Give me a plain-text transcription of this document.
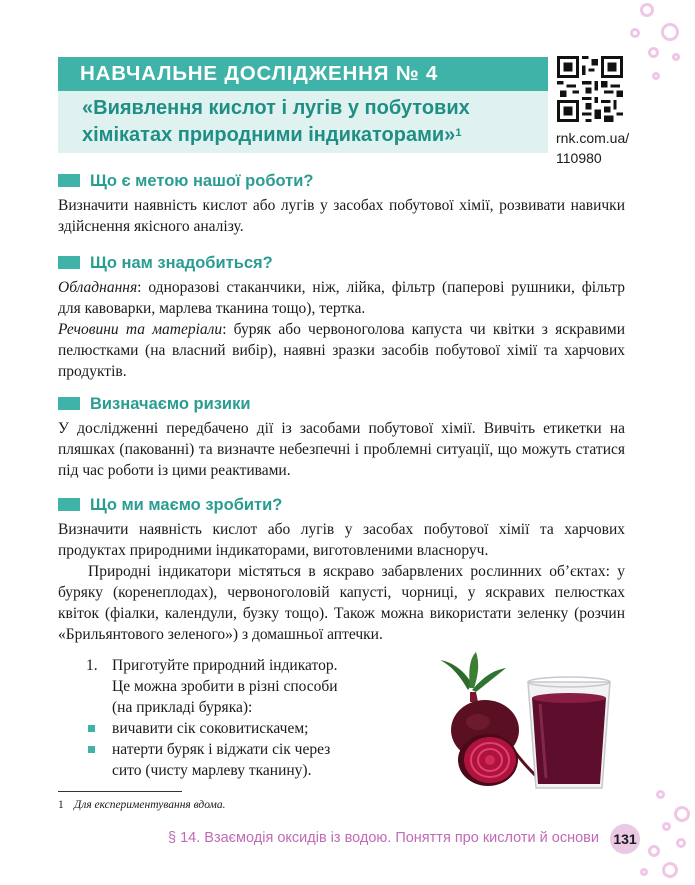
НАВЧАЛЬНЕ ДОСЛІДЖЕННЯ № 4
«Виявлення кислот і лугів у побутових
хімікатах природними індикаторами»$^1$	rnk.com.ua/
110980
Що є метою нашої роботи?

Визначити наявність кислот або лугів у засобах побутової хімії, розвивати навички здійснення якісного аналізу.

Що нам знадобиться?

Обладнання: одноразові стаканчики, ніж, лійка, фільтр (паперові рушники, фільтр для кавоварки, марлева тканина тощо), тертка.

Речовини та матеріали: буряк або червоноголова капуста чи квітки з яскравими пелюстками (на власний вибір), наявні зразки засобів побутової хімії та харчових продуктів.

Визначаємо ризики

У дослідженні передбачено дії із засобами побутової хімії. Вивчіть етикетки на пляшках (пакованні) та визначте небезпечні і проблемні ситуації, що можуть статися під час роботи із цими реактивами.

Що ми маємо зробити?

Визначити наявність кислот або лугів у засобах побутової хімії та харчових продуктах природними індикаторами, виготовленими власноруч.

Природні індикатори містяться в яскраво забарвлених рослинних об’єктах: у буряку (коренеплодах), червоноголовій капусті, чорниці, у яскравих пелюстках квіток (фіалки, календули, бузку тощо). Також можна використати зеленку (розчин «Брильянтового зеленого») з домашньої аптечки.

1. Приготуйте природний індикатор.
Це можна зробити в різні способи
(на прикладі буряка):
вичавити сік соковитискачем;
натерти буряк і віджати сік через
сито (чисту марлеву тканину).
1 Для експериментування вдома.
§ 14. Взаємодія оксидів із водою. Поняття про кислоти й основи 131
